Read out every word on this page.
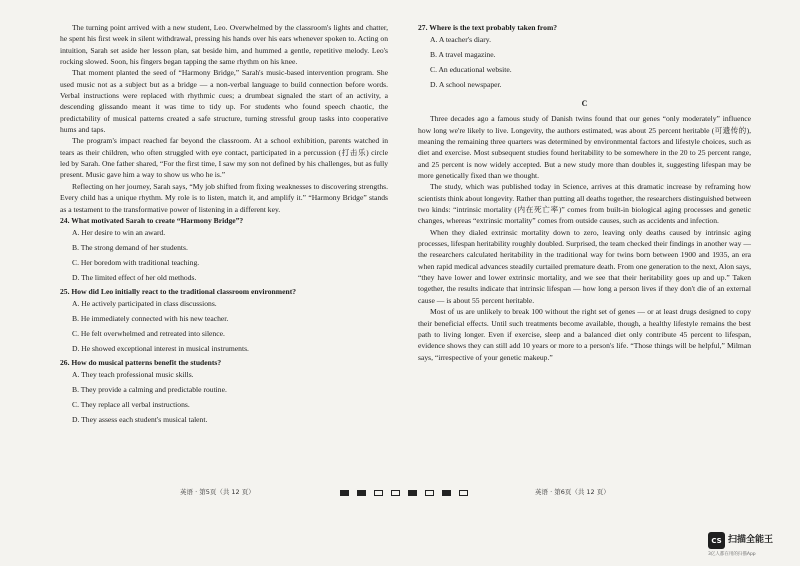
The turning point arrived with a new student, Leo. Overwhelmed by the classroom's lights and chatter, he spent his first week in silent withdrawal, pressing his hands over his ears whenever spoken to. Acting on intuition, Sarah set aside her lesson plan, sat beside him, and hummed a gentle, repetitive melody. Leo's rocking slowed. Soon, his fingers began tapping the same rhythm on his knee.

That moment planted the seed of “Harmony Bridge,” Sarah's music-based intervention program. She used music not as a subject but as a bridge — a non-verbal language to build connection before words. Verbal instructions were replaced with rhythmic cues; a drumbeat signaled the start of an activity, a descending glissando meant it was time to tidy up. For students who found speech chaotic, the predictability of musical patterns created a safe structure, turning stressful group tasks into cooperative hums and taps.

The program's impact reached far beyond the classroom. At a school exhibition, parents watched in tears as their children, who often struggled with eye contact, participated in a percussion (打击乐) circle led by Sarah. One father shared, “For the first time, I saw my son not defined by his challenges, but as fully present. Music gave him a way to show us who he is.”

Reflecting on her journey, Sarah says, “My job shifted from fixing weaknesses to discovering strengths. Every child has a unique rhythm. My role is to listen, match it, and amplify it.” “Harmony Bridge” stands as a testament to the transformative power of listening in a different key.

24. What motivated Sarah to create “Harmony Bridge”?

A. Her desire to win an award.

B. The strong demand of her students.

C. Her boredom with traditional teaching.

D. The limited effect of her old methods.

25. How did Leo initially react to the traditional classroom environment?

A. He actively participated in class discussions.

B. He immediately connected with his new teacher.

C. He felt overwhelmed and retreated into silence.

D. He showed exceptional interest in musical instruments.

26. How do musical patterns benefit the students?

A. They teach professional music skills.

B. They provide a calming and predictable routine.

C. They replace all verbal instructions.

D. They assess each student's musical talent.

27. Where is the text probably taken from?

A. A teacher's diary.

B. A travel magazine.

C. An educational website.

D. A school newspaper.

C

Three decades ago a famous study of Danish twins found that our genes “only moderately” influence how long we're likely to live. Longevity, the authors estimated, was about 25 percent heritable (可遗传的), meaning the remaining three quarters was determined by environmental factors and lifestyle choices, such as diet and exercise. Most subsequent studies found heritability to be somewhere in the 20 to 25 percent range, and 25 percent is now widely accepted. But a new study more than doubles it, suggesting lifespan may be more genetically fixed than we thought.

The study, which was published today in Science, arrives at this dramatic increase by reframing how scientists think about longevity. Rather than putting all deaths together, the researchers distinguished between two kinds: “intrinsic mortality (内在死亡率)” comes from built-in biological aging processes and genetic changes, whereas “extrinsic mortality” comes from outside causes, such as accidents and infection.

When they dialed extrinsic mortality down to zero, leaving only deaths caused by intrinsic aging processes, lifespan heritability roughly doubled. Surprised, the team checked their findings in another way — the researchers calculated heritability in the traditional way for twins born between 1900 and 1935, an era when rapid medical advances steadily curtailed premature death. From one generation to the next, Alon says, “they have lower and lower extrinsic mortality, and we see that their heritability goes up and up.” Taken together, the results indicate that intrinsic lifespan — how long a person lives if they don't die of an external cause — is about 55 percent heritable.

Most of us are unlikely to break 100 without the right set of genes — or at least drugs designed to copy their beneficial effects. Until such treatments become available, though, a healthy lifestyle remains the best path to living longer. Even if exercise, sleep and a balanced diet only contribute 45 percent to lifespan, evidence shows they can still add 10 years or more to a person's life. “Those things will be helpful,” Milman says, “irrespective of your genetic makeup.”

英语 · 第5页（共 12 页）	英语 · 第6页（共 12 页）
CS 扫描全能王
3亿人都在用的扫描App
